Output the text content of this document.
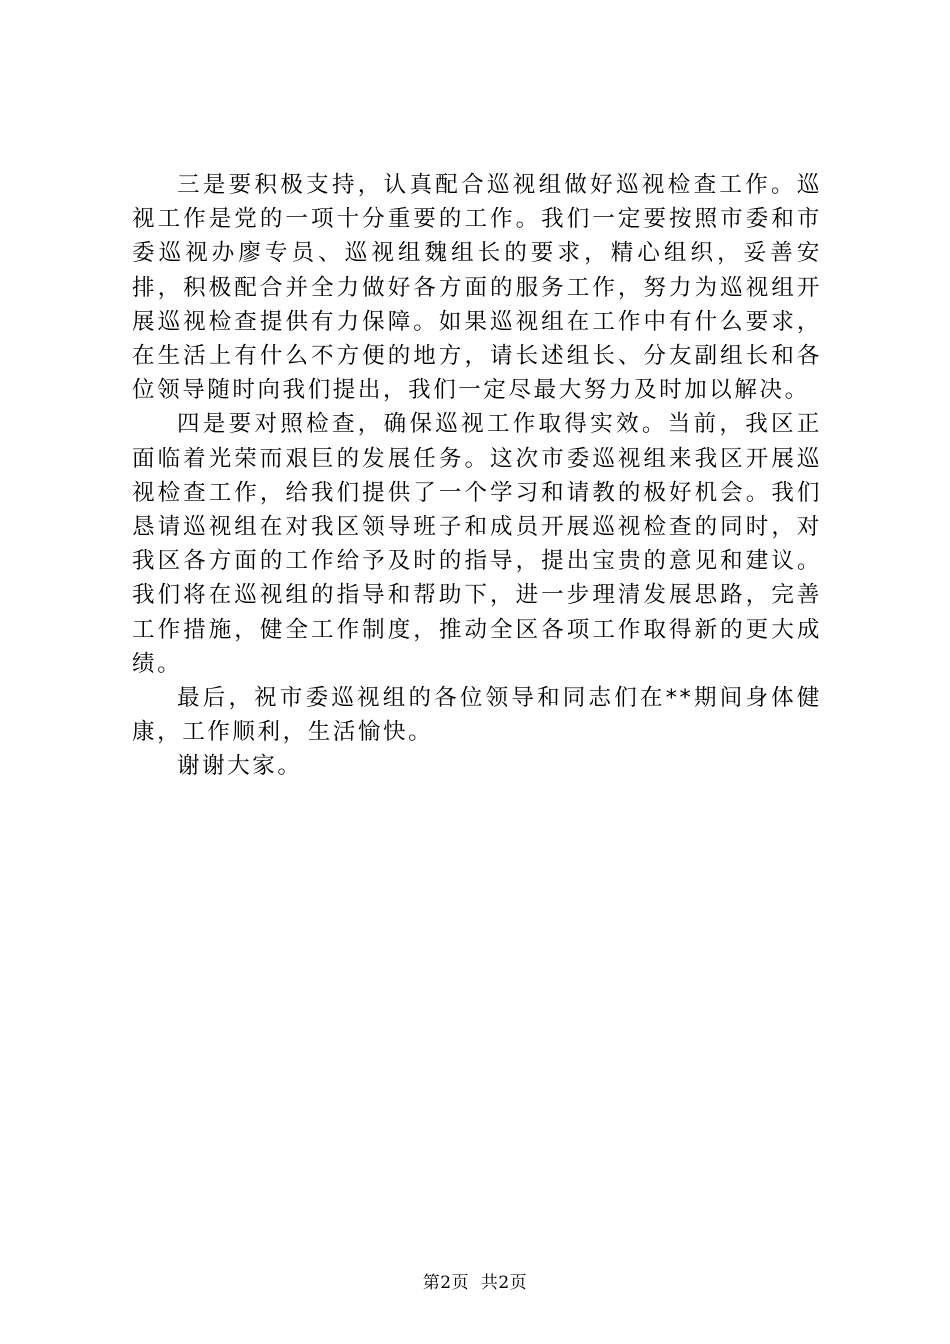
三是要积极支持，认真配合巡视组做好巡视检查工作。巡视工作是党的一项十分重要的工作。我们一定要按照市委和市委巡视办廖专员、巡视组魏组长的要求，精心组织，妥善安排，积极配合并全力做好各方面的服务工作，努力为巡视组开展巡视检查提供有力保障。如果巡视组在工作中有什么要求，在生活上有什么不方便的地方，请长述组长、分友副组长和各位领导随时向我们提出，我们一定尽最大努力及时加以解决。

四是要对照检查，确保巡视工作取得实效。当前，我区正面临着光荣而艰巨的发展任务。这次市委巡视组来我区开展巡视检查工作，给我们提供了一个学习和请教的极好机会。我们恳请巡视组在对我区领导班子和成员开展巡视检查的同时，对我区各方面的工作给予及时的指导，提出宝贵的意见和建议。我们将在巡视组的指导和帮助下，进一步理清发展思路，完善工作措施，健全工作制度，推动全区各项工作取得新的更大成绩。

最后，祝市委巡视组的各位领导和同志们在**期间身体健康，工作顺利，生活愉快。

谢谢大家。

第2页  共2页
